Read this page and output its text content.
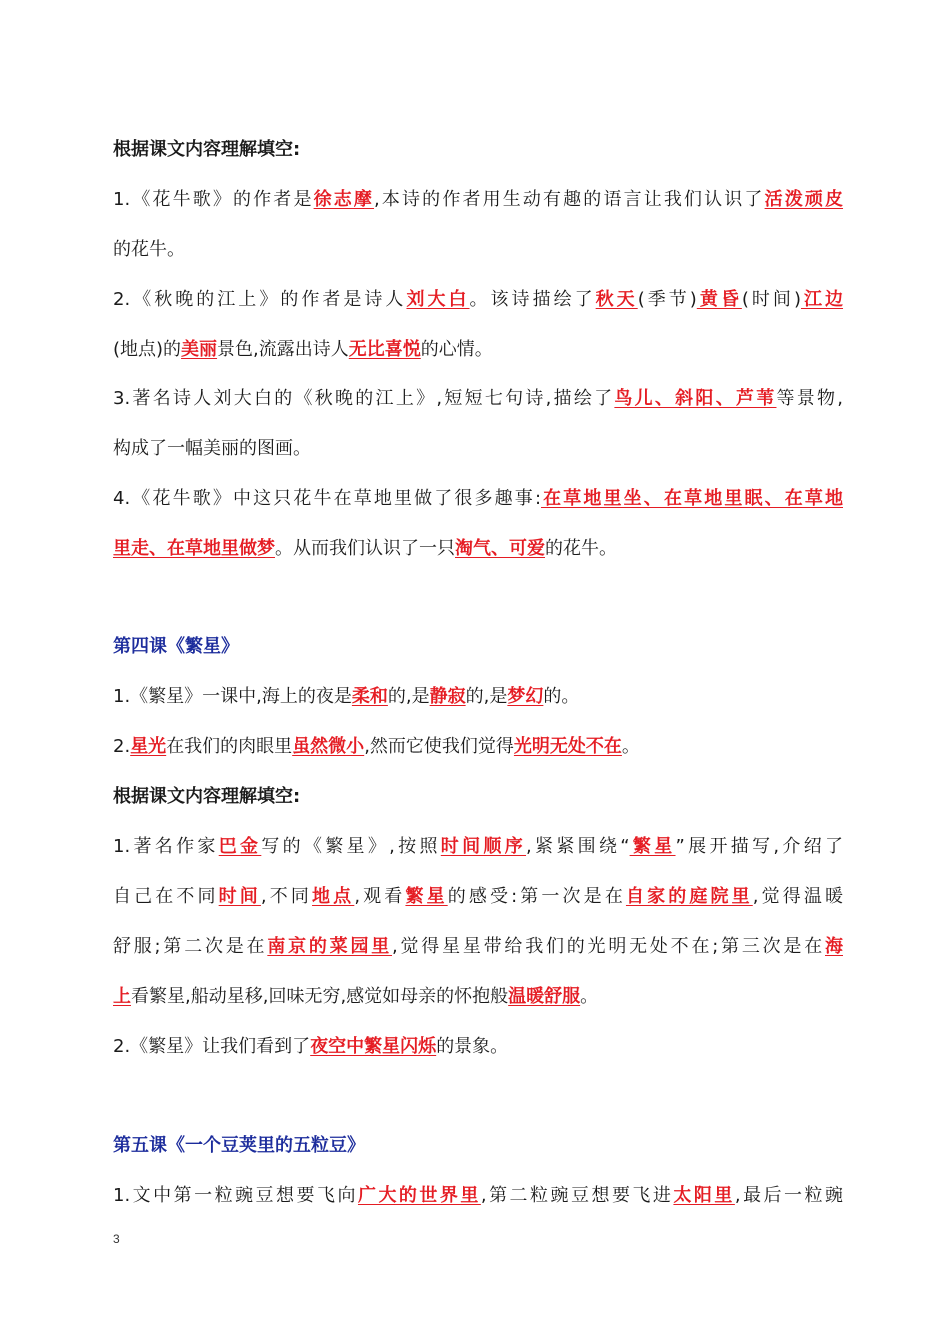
根据课文内容理解填空:
1.《花牛歌》的作者是徐志摩,本诗的作者用生动有趣的语言让我们认识了活泼顽皮
的花牛。
2.《秋晚的江上》的作者是诗人刘大白。该诗描绘了秋天(季节)黄昏(时间)江边
(地点)的美丽景色,流露出诗人无比喜悦的心情。
3.著名诗人刘大白的《秋晚的江上》,短短七句诗,描绘了鸟儿、斜阳、芦苇等景物,
构成了一幅美丽的图画。
4.《花牛歌》中这只花牛在草地里做了很多趣事:在草地里坐、在草地里眠、在草地
里走、在草地里做梦。从而我们认识了一只淘气、可爱的花牛。
第四课《繁星》
1.《繁星》一课中,海上的夜是柔和的,是静寂的,是梦幻的。
2.星光在我们的肉眼里虽然微小,然而它使我们觉得光明无处不在。
根据课文内容理解填空:
1.著名作家巴金写的《繁星》,按照时间顺序,紧紧围绕“繁星”展开描写,介绍了
自己在不同时间,不同地点,观看繁星的感受:第一次是在自家的庭院里,觉得温暖
舒服;第二次是在南京的菜园里,觉得星星带给我们的光明无处不在;第三次是在海
上看繁星,船动星移,回味无穷,感觉如母亲的怀抱般温暖舒服。
2.《繁星》让我们看到了夜空中繁星闪烁的景象。
第五课《一个豆荚里的五粒豆》
1.文中第一粒豌豆想要飞向广大的世界里,第二粒豌豆想要飞进太阳里,最后一粒豌
3
